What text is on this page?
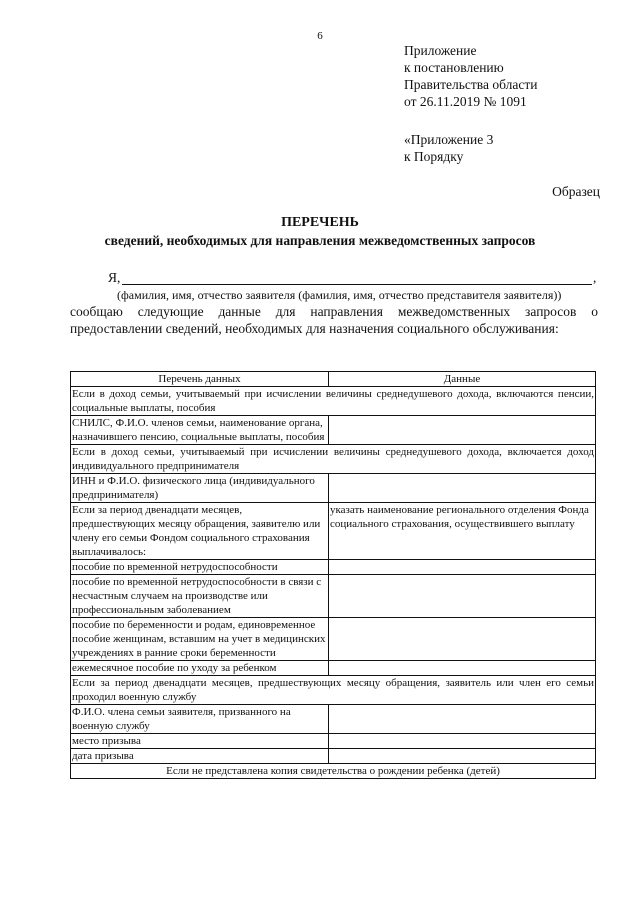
6
Приложение
к постановлению
Правительства области
от 26.11.2019 № 1091
«Приложение 3
к Порядку
Образец
ПЕРЕЧЕНЬ
сведений, необходимых для направления межведомственных запросов
Я,	,
(фамилия, имя, отчество заявителя (фамилия, имя, отчество представителя заявителя))

сообщаю следующие данные для направления межведомственных запросов о предоставлении сведений, необходимых для назначения социального обслуживания:

Перечень данных	Данные
Если в доход семьи, учитываемый при исчислении величины среднедушевого дохода, включаются пенсии, социальные выплаты, пособия	
СНИЛС, Ф.И.О. членов семьи, наименование органа, назначившего пенсию, социальные выплаты, пособия	
Если в доход семьи, учитываемый при исчислении величины среднедушевого дохода, включается доход индивидуального предпринимателя	
ИНН и Ф.И.О. физического лица (индивидуального предпринимателя)	
Если за период двенадцати месяцев, предшествующих месяцу обращения, заявителю или члену его семьи Фондом социального страхования выплачивалось:	указать наименование регионального отделения Фонда социального страхования, осуществившего выплату
пособие по временной нетрудоспособности	
пособие по временной нетрудоспособности в связи с несчастным случаем на производстве или профессиональным заболеванием	
пособие по беременности и родам, единовременное пособие женщинам, вставшим на учет в медицинских учреждениях в ранние сроки беременности	
ежемесячное пособие по уходу за ребенком	
Если за период двенадцати месяцев, предшествующих месяцу обращения, заявитель или член его семьи проходил военную службу	
Ф.И.О. члена семьи заявителя, призванного на военную службу	
место призыва	
дата призыва	
Если не представлена копия свидетельства о рождении ребенка (детей)	
